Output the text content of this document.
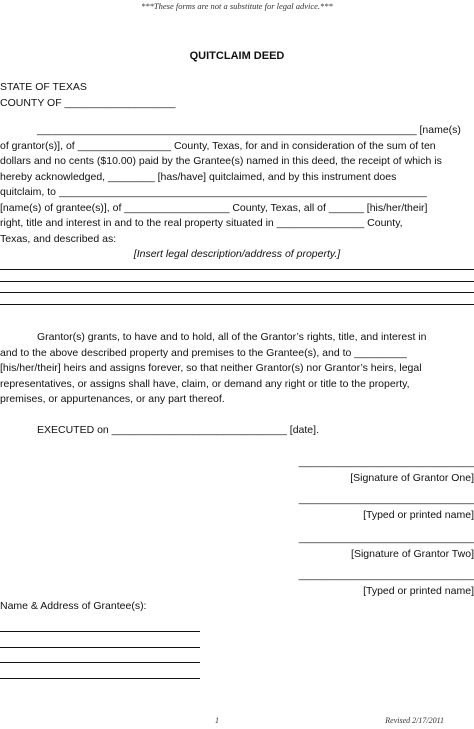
***These forms are not a substitute for legal advice.***
QUITCLAIM DEED
STATE OF TEXAS
COUNTY OF ___________________
_________________________________________________________________ [name(s)
of grantor(s)], of ________________ County, Texas, for and in consideration of the sum of ten
dollars and no cents ($10.00) paid by the Grantee(s) named in this deed, the receipt of which is
hereby acknowledged, ________ [has/have] quitclaimed, and by this instrument does
quitclaim, to _______________________________________________________________
[name(s) of grantee(s)], of __________________ County, Texas, all of ______ [his/her/their]
right, title and interest in and to the real property situated in _______________ County,
Texas, and described as:
[Insert legal description/address of property.]
Grantor(s) grants, to have and to hold, all of the Grantor’s rights, title, and interest in
and to the above described property and premises to the Grantee(s), and to _________
[his/her/their] heirs and assigns forever, so that neither Grantor(s) nor Grantor’s heirs, legal
representatives, or assigns shall have, claim, or demand any right or title to the property,
premises, or appurtenances, or any part thereof.
EXECUTED on ______________________________ [date].
______________________________
[Signature of Grantor One]
______________________________
[Typed or printed name]
______________________________
[Signature of Grantor Two]
______________________________
[Typed or printed name]
Name & Address of Grantee(s):
1	Revised 2/17/2011
